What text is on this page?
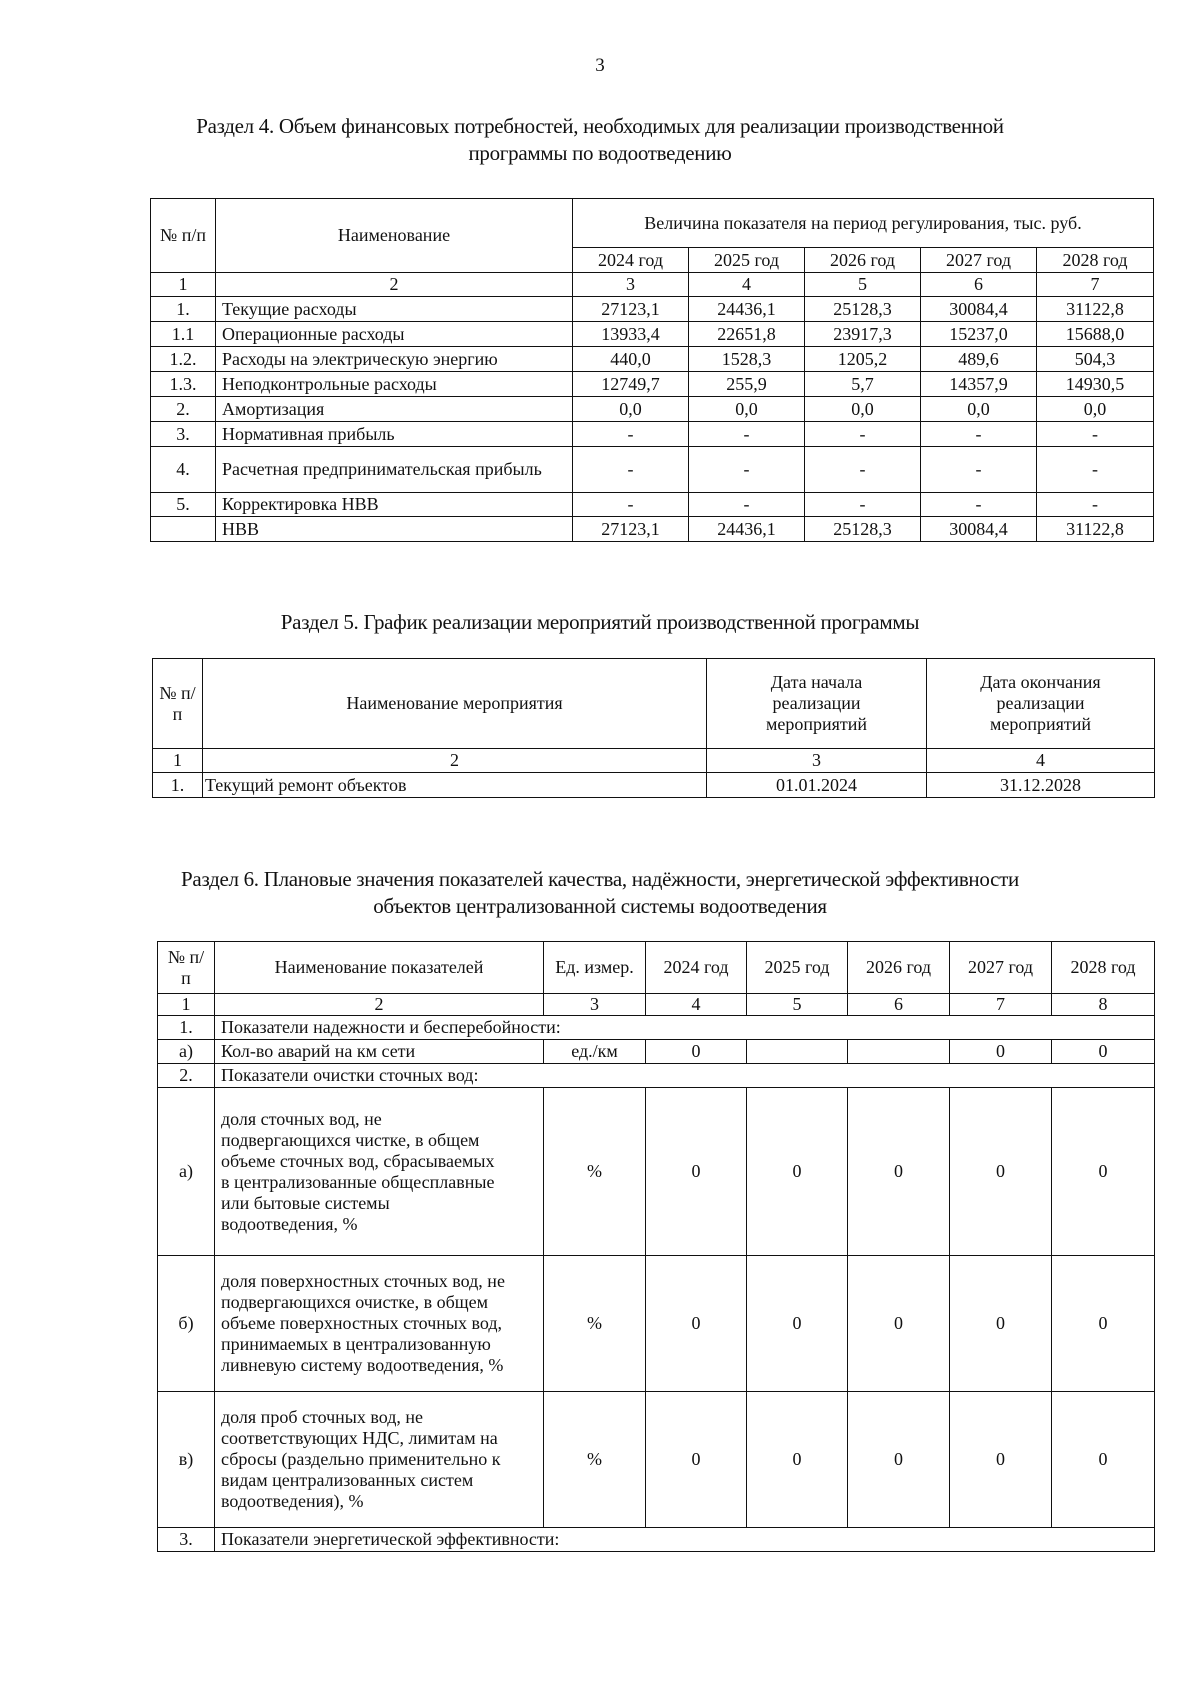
3
Раздел 4. Объем финансовых потребностей, необходимых для реализации производственной
программы по водоотведению
№ п/п	Наименование	Величина показателя на период регулирования, тыс. руб.				
		2024 год	2025 год	2026 год	2027 год	2028 год
1	2	3	4	5	6	7
1.	Текущие расходы	27123,1	24436,1	25128,3	30084,4	31122,8
1.1	Операционные расходы	13933,4	22651,8	23917,3	15237,0	15688,0
1.2.	Расходы на электрическую энергию	440,0	1528,3	1205,2	489,6	504,3
1.3.	Неподконтрольные расходы	12749,7	255,9	5,7	14357,9	14930,5
2.	Амортизация	0,0	0,0	0,0	0,0	0,0
3.	Нормативная прибыль	-	-	-	-	-
4.	Расчетная предпринимательская прибыль	-	-	-	-	-
5.	Корректировка НВВ	-	-	-	-	-
	НВВ	27123,1	24436,1	25128,3	30084,4	31122,8
Раздел 5. График реализации мероприятий производственной программы
№ п/п	Наименование мероприятия	Дата начала реализации мероприятий	Дата окончания реализации мероприятий
1	2	3	4
1.	Текущий ремонт объектов	01.01.2024	31.12.2028
Раздел 6. Плановые значения показателей качества, надёжности, энергетической эффективности
объектов централизованной системы водоотведения
№ п/п	Наименование показателей	Ед. измер.	2024 год	2025 год	2026 год	2027 год	2028 год
1	2	3	4	5	6	7	8
1.	Показатели надежности и бесперебойности:						
а)	Кол-во аварий на км сети	ед./км	0			0	0
2.	Показатели очистки сточных вод:						
а)	доля сточных вод, не подвергающихся чистке, в общем объеме сточных вод, сбрасываемых в централизованные общесплавные или бытовые системы водоотведения, %	%	0	0	0	0	0
б)	доля поверхностных сточных вод, не подвергающихся очистке, в общем объеме поверхностных сточных вод, принимаемых в централизованную ливневую систему водоотведения, %	%	0	0	0	0	0
в)	доля проб сточных вод, не соответствующих НДС, лимитам на сбросы (раздельно применительно к видам централизованных систем водоотведения), %	%	0	0	0	0	0
3.	Показатели энергетической эффективности:						
